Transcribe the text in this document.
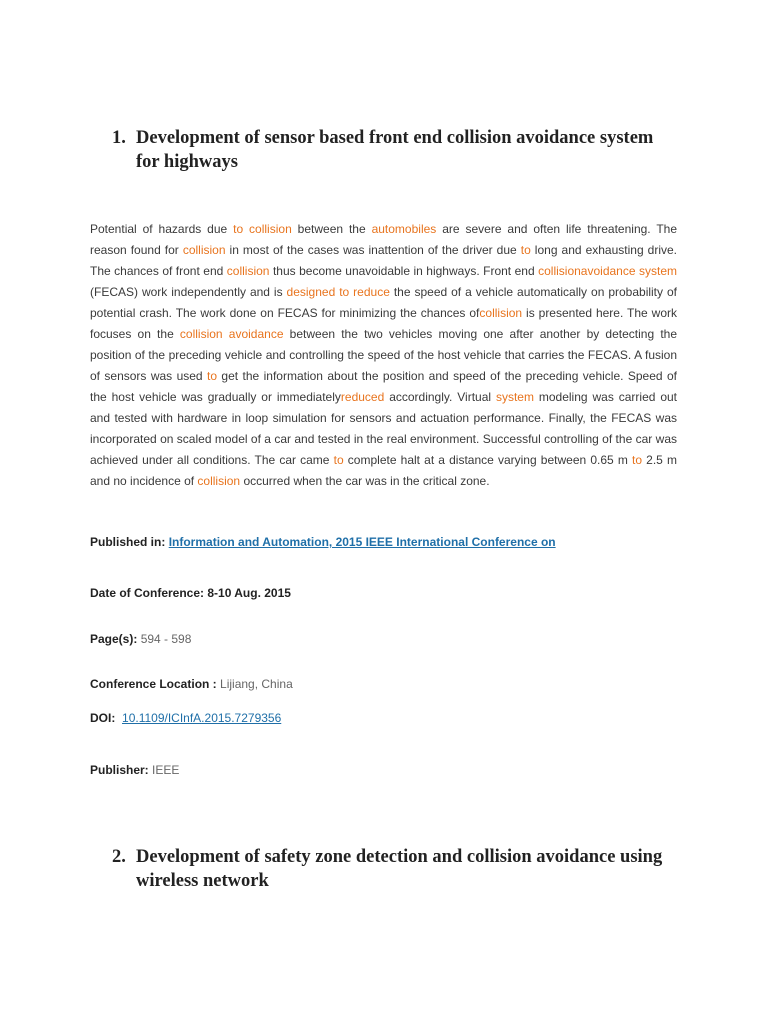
1. Development of sensor based front end collision avoidance system for highways

Potential of hazards due to collision between the automobiles are severe and often life threatening. The reason found for collision in most of the cases was inattention of the driver due to long and exhausting drive. The chances of front end collision thus become unavoidable in highways. Front end collisionavoidance system (FECAS) work independently and is designed to reduce the speed of a vehicle automatically on probability of potential crash. The work done on FECAS for minimizing the chances ofcollision is presented here. The work focuses on the collision avoidance between the two vehicles moving one after another by detecting the position of the preceding vehicle and controlling the speed of the host vehicle that carries the FECAS. A fusion of sensors was used to get the information about the position and speed of the preceding vehicle. Speed of the host vehicle was gradually or immediatelyreduced accordingly. Virtual system modeling was carried out and tested with hardware in loop simulation for sensors and actuation performance. Finally, the FECAS was incorporated on scaled model of a car and tested in the real environment. Successful controlling of the car was achieved under all conditions. The car came to complete halt at a distance varying between 0.65 m to 2.5 m and no incidence of collision occurred when the car was in the critical zone.

Published in: Information and Automation, 2015 IEEE International Conference on

Date of Conference: 8-10 Aug. 2015

Page(s): 594 - 598

Conference Location : Lijiang, China

DOI: 10.1109/ICInfA.2015.7279356

Publisher: IEEE

2. Development of safety zone detection and collision avoidance using wireless network
